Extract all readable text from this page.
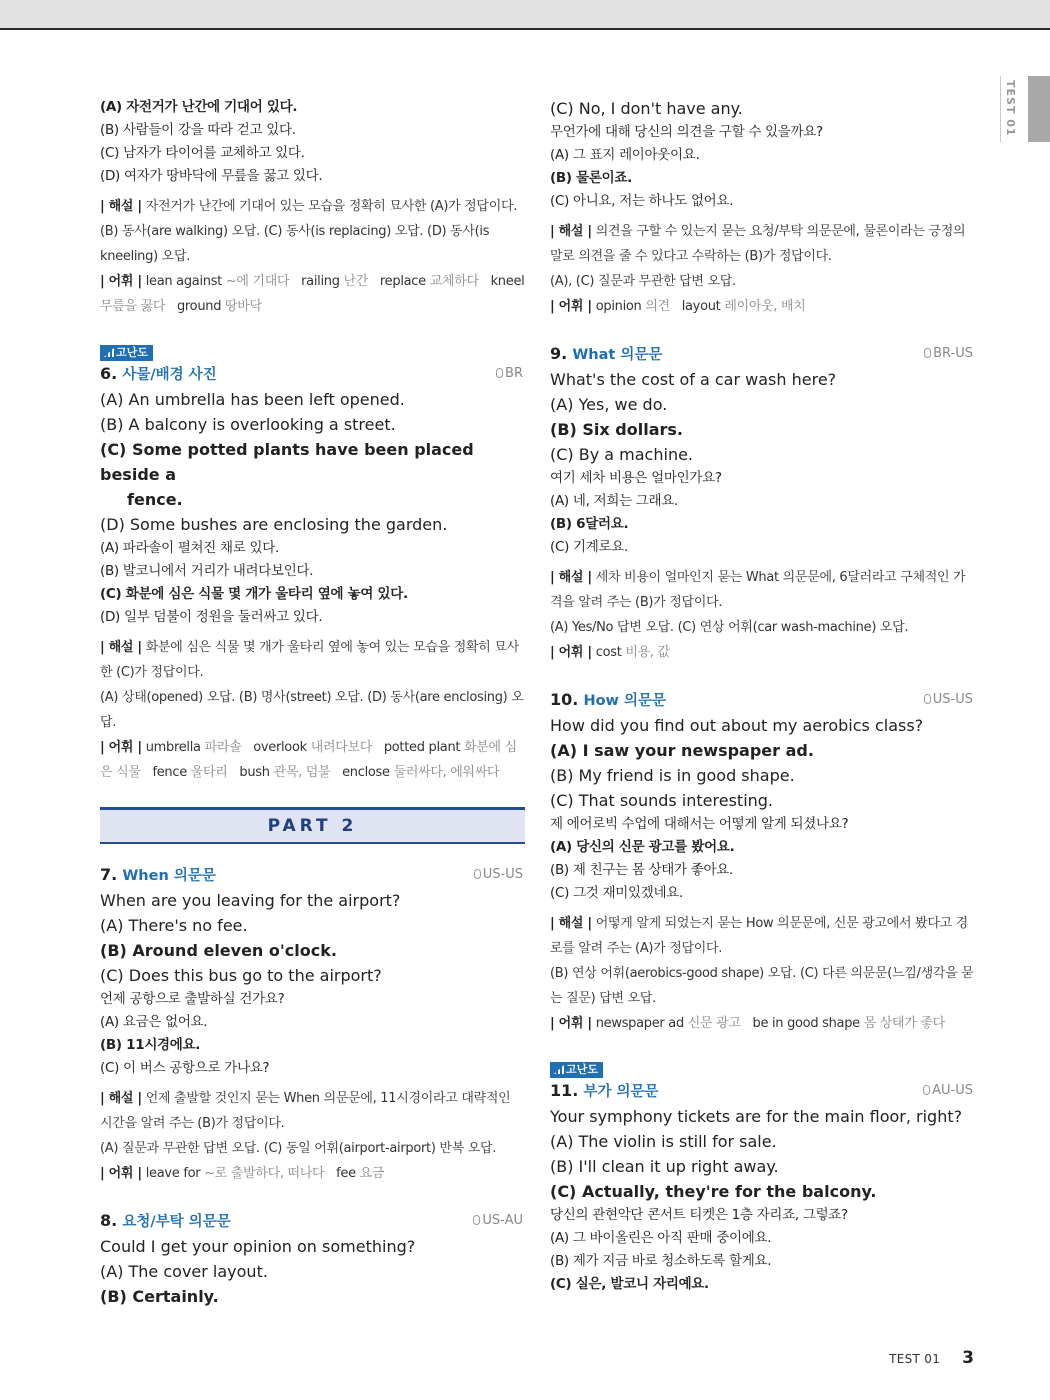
TEST 01
(A) 자전거가 난간에 기대어 있다.
(B) 사람들이 강을 따라 걷고 있다.
(C) 남자가 타이어를 교체하고 있다.
(D) 여자가 땅바닥에 무릎을 꿇고 있다.
| 해설 | 자전거가 난간에 기대어 있는 모습을 정확히 묘사한 (A)가 정답이다.
(B) 동사(are walking) 오답. (C) 동사(is replacing) 오답. (D) 동사(is kneeling) 오답.
| 어휘 | lean against ~에 기대다 railing 난간 replace 교체하다 kneel 무릎을 꿇다 ground 땅바닥
고난도
6. 사물/배경 사진	BR
(A) An umbrella has been left opened.
(B) A balcony is overlooking a street.
(C) Some potted plants have been placed beside a
fence.
(D) Some bushes are enclosing the garden.
(A) 파라솔이 펼쳐진 채로 있다.
(B) 발코니에서 거리가 내려다보인다.
(C) 화분에 심은 식물 몇 개가 울타리 옆에 놓여 있다.
(D) 일부 덤불이 정원을 둘러싸고 있다.
| 해설 | 화분에 심은 식물 몇 개가 울타리 옆에 놓여 있는 모습을 정확히 묘사한 (C)가 정답이다.
(A) 상태(opened) 오답. (B) 명사(street) 오답. (D) 동사(are enclosing) 오답.
| 어휘 | umbrella 파라솔 overlook 내려다보다 potted plant 화분에 심은 식물 fence 울타리 bush 관목, 덤불 enclose 둘러싸다, 에워싸다
PART 2
7. When 의문문	US-US
When are you leaving for the airport?
(A) There's no fee.
(B) Around eleven o'clock.
(C) Does this bus go to the airport?
언제 공항으로 출발하실 건가요?
(A) 요금은 없어요.
(B) 11시경에요.
(C) 이 버스 공항으로 가나요?
| 해설 | 언제 출발할 것인지 묻는 When 의문문에, 11시경이라고 대략적인 시간을 알려 주는 (B)가 정답이다.
(A) 질문과 무관한 답변 오답. (C) 동일 어휘(airport-airport) 반복 오답.
| 어휘 | leave for ~로 출발하다, 떠나다 fee 요금
8. 요청/부탁 의문문	US-AU
Could I get your opinion on something?
(A) The cover layout.
(B) Certainly.
(C) No, I don't have any.
무언가에 대해 당신의 의견을 구할 수 있을까요?
(A) 그 표지 레이아웃이요.
(B) 물론이죠.
(C) 아니요, 저는 하나도 없어요.
| 해설 | 의견을 구할 수 있는지 묻는 요청/부탁 의문문에, 물론이라는 긍정의 말로 의견을 줄 수 있다고 수락하는 (B)가 정답이다.
(A), (C) 질문과 무관한 답변 오답.
| 어휘 | opinion 의견 layout 레이아웃, 배치
9. What 의문문	BR-US
What's the cost of a car wash here?
(A) Yes, we do.
(B) Six dollars.
(C) By a machine.
여기 세차 비용은 얼마인가요?
(A) 네, 저희는 그래요.
(B) 6달러요.
(C) 기계로요.
| 해설 | 세차 비용이 얼마인지 묻는 What 의문문에, 6달러라고 구체적인 가격을 알려 주는 (B)가 정답이다.
(A) Yes/No 답변 오답. (C) 연상 어휘(car wash-machine) 오답.
| 어휘 | cost 비용, 값
10. How 의문문	US-US
How did you find out about my aerobics class?
(A) I saw your newspaper ad.
(B) My friend is in good shape.
(C) That sounds interesting.
제 에어로빅 수업에 대해서는 어떻게 알게 되셨나요?
(A) 당신의 신문 광고를 봤어요.
(B) 제 친구는 몸 상태가 좋아요.
(C) 그것 재미있겠네요.
| 해설 | 어떻게 알게 되었는지 묻는 How 의문문에, 신문 광고에서 봤다고 경로를 알려 주는 (A)가 정답이다.
(B) 연상 어휘(aerobics-good shape) 오답. (C) 다른 의문문(느낌/생각을 묻는 질문) 답변 오답.
| 어휘 | newspaper ad 신문 광고 be in good shape 몸 상태가 좋다
고난도
11. 부가 의문문	AU-US
Your symphony tickets are for the main floor, right?
(A) The violin is still for sale.
(B) I'll clean it up right away.
(C) Actually, they're for the balcony.
당신의 관현악단 콘서트 티켓은 1층 자리죠, 그렇죠?
(A) 그 바이올린은 아직 판매 중이에요.
(B) 제가 지금 바로 청소하도록 할게요.
(C) 실은, 발코니 자리예요.
TEST 01 3
